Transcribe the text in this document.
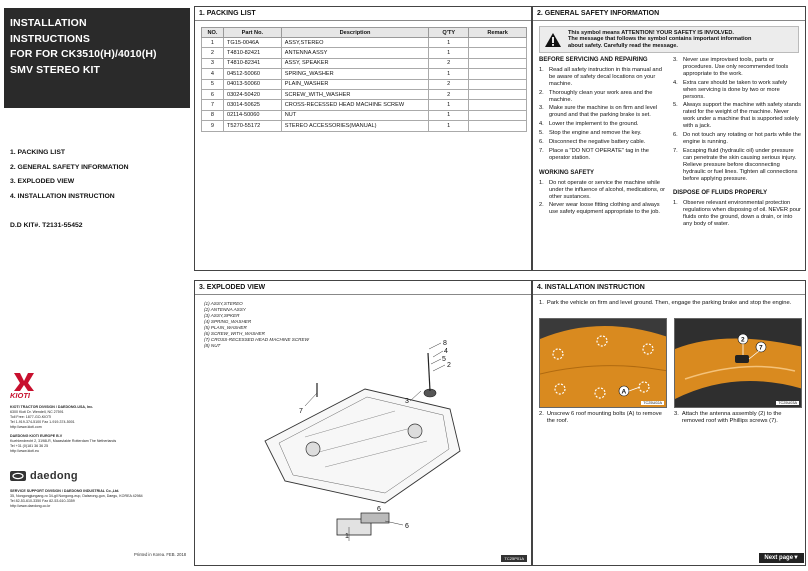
INSTALLATION
INSTRUCTIONS
FOR FOR CK3510(H)/4010(H)
SMV STEREO KIT
1. PACKING LIST
2. GENERAL SAFETY INFORMATION
3. EXPLODED VIEW
4. INSTALLATION INSTRUCTION
D.D KIT#. T2131-55452
KIOTI
KIOTI TRACTOR DIVISION / DAEDONG-USA, Inc.
6300 Kioti Dr. Wendell, NC 27591
Toll Free: 1877-GO-KIOTI
Tel 1-919-374-5100 Fax 1-919-374-5001
http://www.kioti.com
DAEDONG KIOTI EUROPE B.V
Kuehlendrecht 2, 3198LR, Maasvlakte Rotterdam The Netherlands
Tel +31 (0)181 36 36 25
http://www.kioti.eu
daedong
SERVICE SUPPORT DIVISION / DAEDONG INDUSTRIAL Co.,Ltd.
35, Nongongjungang-ro 34-gil Nongong-eup, Dalseong-gun, Daegu, KOREA 42984
Tel 82-53-610-3350 Fax 82-53-610-3359
http://www.daedong.co.kr
Printed in Korea. FEB. 2018
1. PACKING LIST
NO.	Part No.	Description	Q'TY	Remark
1	TG15-0046A	ASSY,STEREO	1	
2	T4810-82421	ANTENNA ASSY	1	
3	T4810-82341	ASSY, SPEAKER	2	
4	04512-50060	SPRING_WASHER	1	
5	04013-50060	PLAIN_WASHER	2	
6	03024-50420	SCREW_WITH_WASHER	2	
7	03014-50625	CROSS-RECESSED HEAD MACHINE SCREW	1	
8	02114-50060	NUT	1	
9	T5270-55172	STEREO ACCESSORIES(MANUAL)	1	
2. GENERAL SAFETY INFORMATION
This symbol means ATTENTION! YOUR SAFETY IS INVOLVED.
The message that follows the symbol contains important information
about safety. Carefully read the message.
BEFORE SERVICING AND REPAIRING
1. Read all safety instruction in this manual and be aware of safety decal locations on your machine.
2. Thoroughly clean your work area and the machine.
3. Make sure the machine is on firm and level ground and that the parking brake is set.
4. Lower the implement to the ground.
5. Stop the engine and remove the key.
6. Disconnect the negative battery cable.
7. Place a "DO NOT OPERATE" tag in the operator station.
WORKING SAFETY
1. Do not operate or service the machine while under the influence of alcohol, medications, or other sustances.
2. Never wear loose fitting clothing and always use safety equipment appropriate to the job.
3. Never use improvised tools, parts or procedures. Use only recommended tools appropriate to the work.
4. Extra care should be taken to work safely when servicing is done by two or more persons.
5. Always support the machine with safety stands rated for the weight of the machine. Never work under a machine that is supported solely with a jack.
6. Do not touch any rotating or hot parts while the engine is running.
7. Escaping fluid (hydraulic oil) under pressure can penetrate the skin causing serious injury. Relieve pressure before disconnecting hydraulic or fuel lines. Tighten all connections before applying pressure.
DISPOSE OF FLUIDS PROPERLY
1. Observe relevant environmental protection regulations when disposing of oil. NEVER pour fluids onto the ground, down a drain, or into any body of water.
3. EXPLODED VIEW
(1) ASSY,STEREO
(2) ANTENNA ASSY
(3) ASSY,SPKER
(4) SPRING_WASHER
(5) PLAIN_WASHER
(6) SCREW_WITH_WASHER
(7) CROSS-RECESSED HEAD MACHINE SCREW
(8) NUT
1
2
3
4
5
6
6
7
8
TC25P01A
4. INSTALLATION INSTRUCTION
1. Park the vehicle on firm and level ground. Then, engage the parking brake and stop the engine.
A
TC25U02A
2
7
TC25U03A
2. Unscrew 6 roof mounting bolts (A) to remove the roof.
3. Attach the antenna assembly (2) to the removed roof with Phillips screws (7).
Next page▼
